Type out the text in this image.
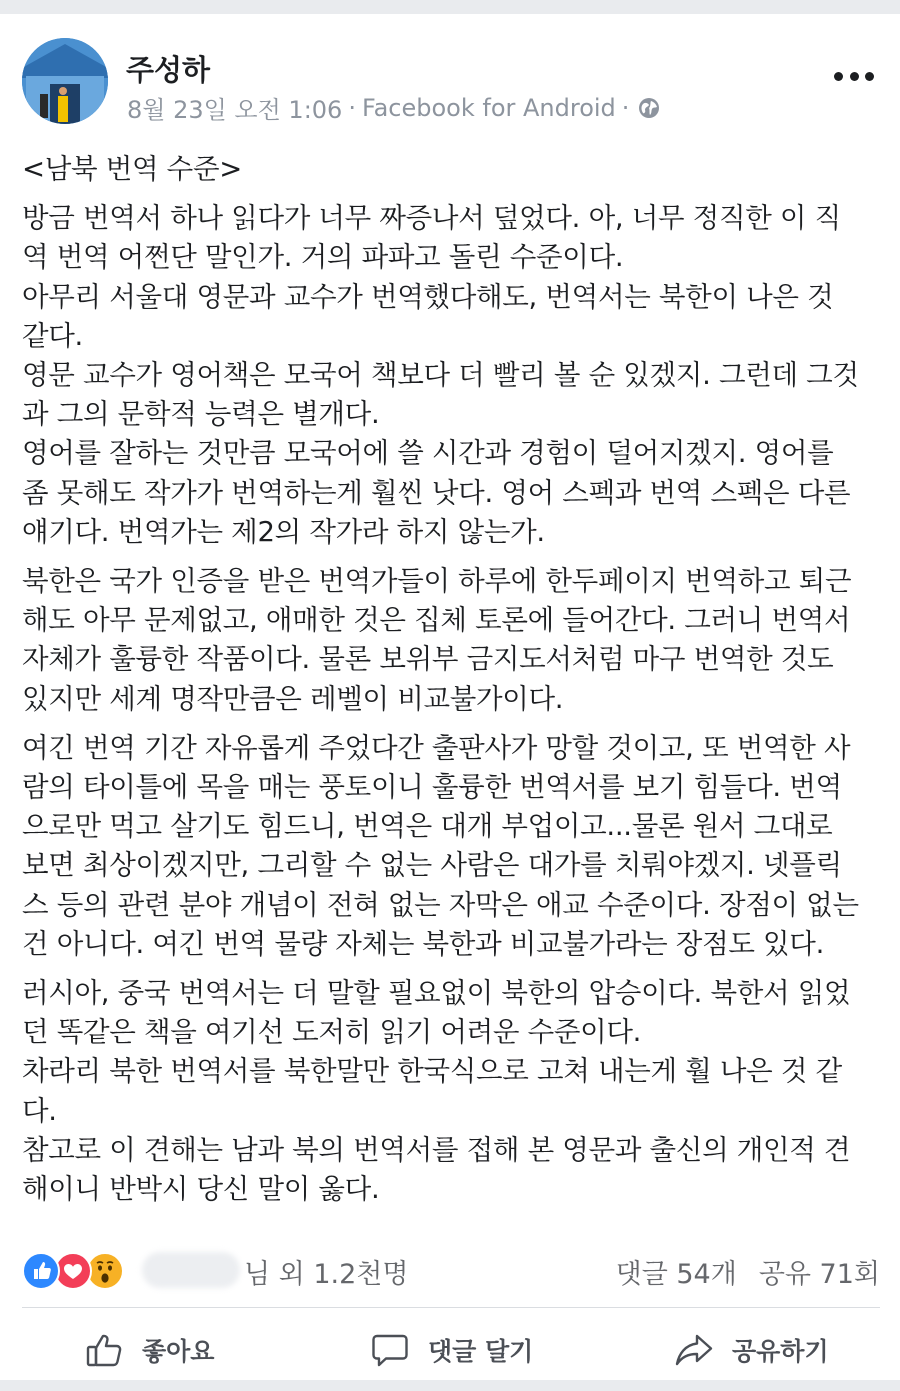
주성하
8월 23일 오전 1:06 · Facebook for Android ·

<남북 번역 수준>

방금 번역서 하나 읽다가 너무 짜증나서 덮었다. 아, 너무 정직한 이 직
역 번역 어쩐단 말인가. 거의 파파고 돌린 수준이다.
아무리 서울대 영문과 교수가 번역했다해도, 번역서는 북한이 나은 것
같다.
영문 교수가 영어책은 모국어 책보다 더 빨리 볼 순 있겠지. 그런데 그것
과 그의 문학적 능력은 별개다.
영어를 잘하는 것만큼 모국어에 쓸 시간과 경험이 덜어지겠지. 영어를
좀 못해도 작가가 번역하는게 훨씬 낫다. 영어 스펙과 번역 스펙은 다른
얘기다. 번역가는 제2의 작가라 하지 않는가.

북한은 국가 인증을 받은 번역가들이 하루에 한두페이지 번역하고 퇴근
해도 아무 문제없고, 애매한 것은 집체 토론에 들어간다. 그러니 번역서
자체가 훌륭한 작품이다. 물론 보위부 금지도서처럼 마구 번역한 것도
있지만 세계 명작만큼은 레벨이 비교불가이다.

여긴 번역 기간 자유롭게 주었다간 출판사가 망할 것이고, 또 번역한 사
람의 타이틀에 목을 매는 풍토이니 훌륭한 번역서를 보기 힘들다. 번역
으로만 먹고 살기도 힘드니, 번역은 대개 부업이고...물론 원서 그대로
보면 최상이겠지만, 그리할 수 없는 사람은 대가를 치뤄야겠지. 넷플릭
스 등의 관련 분야 개념이 전혀 없는 자막은 애교 수준이다. 장점이 없는
건 아니다. 여긴 번역 물량 자체는 북한과 비교불가라는 장점도 있다.

러시아, 중국 번역서는 더 말할 필요없이 북한의 압승이다. 북한서 읽었
던 똑같은 책을 여기선 도저히 읽기 어려운 수준이다.
차라리 북한 번역서를 북한말만 한국식으로 고쳐 내는게 훨 나은 것 같
다.
참고로 이 견해는 남과 북의 번역서를 접해 본 영문과 출신의 개인적 견
해이니 반박시 당신 말이 옳다.

님 외 1.2천명	댓글 54개 공유 71회
좋아요	댓글 달기	공유하기
